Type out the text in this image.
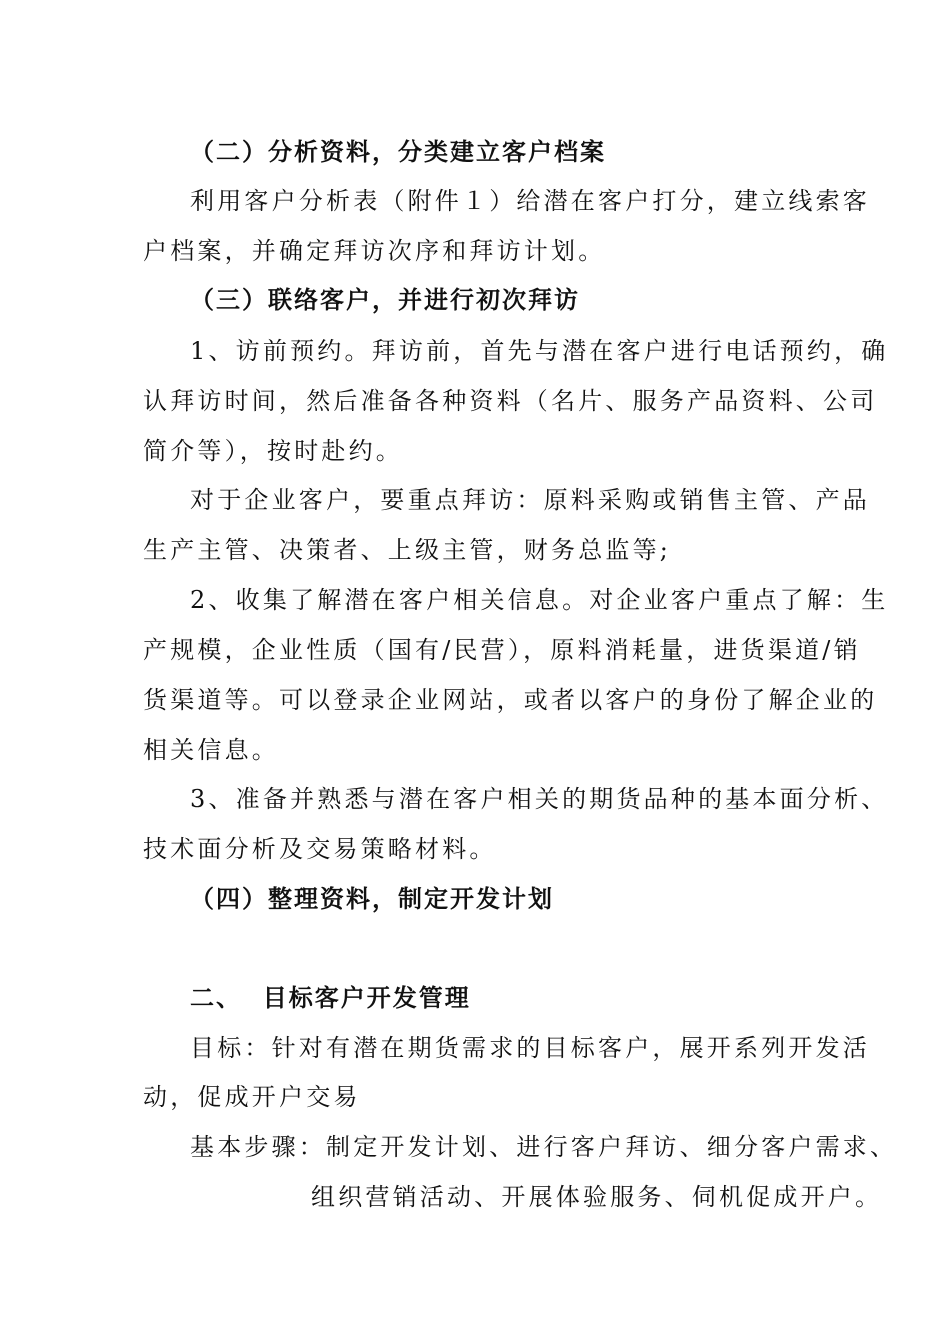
（二）分析资料，分类建立客户档案
利用客户分析表（附件１）给潜在客户打分，建立线索客
户档案，并确定拜访次序和拜访计划。
（三）联络客户，并进行初次拜访
1、访前预约。拜访前，首先与潜在客户进行电话预约，确
认拜访时间，然后准备各种资料（名片、服务产品资料、公司
简介等），按时赴约。
对于企业客户，要重点拜访：原料采购或销售主管、产品
生产主管、决策者、上级主管，财务总监等;
2、收集了解潜在客户相关信息。对企业客户重点了解：生
产规模，企业性质（国有/民营），原料消耗量，进货渠道/销
货渠道等。可以登录企业网站，或者以客户的身份了解企业的
相关信息。
3、准备并熟悉与潜在客户相关的期货品种的基本面分析、
技术面分析及交易策略材料。
（四）整理资料，制定开发计划
二、  目标客户开发管理
目标：针对有潜在期货需求的目标客户，展开系列开发活
动，促成开户交易
基本步骤：制定开发计划、进行客户拜访、细分客户需求、
组织营销活动、开展体验服务、伺机促成开户。
